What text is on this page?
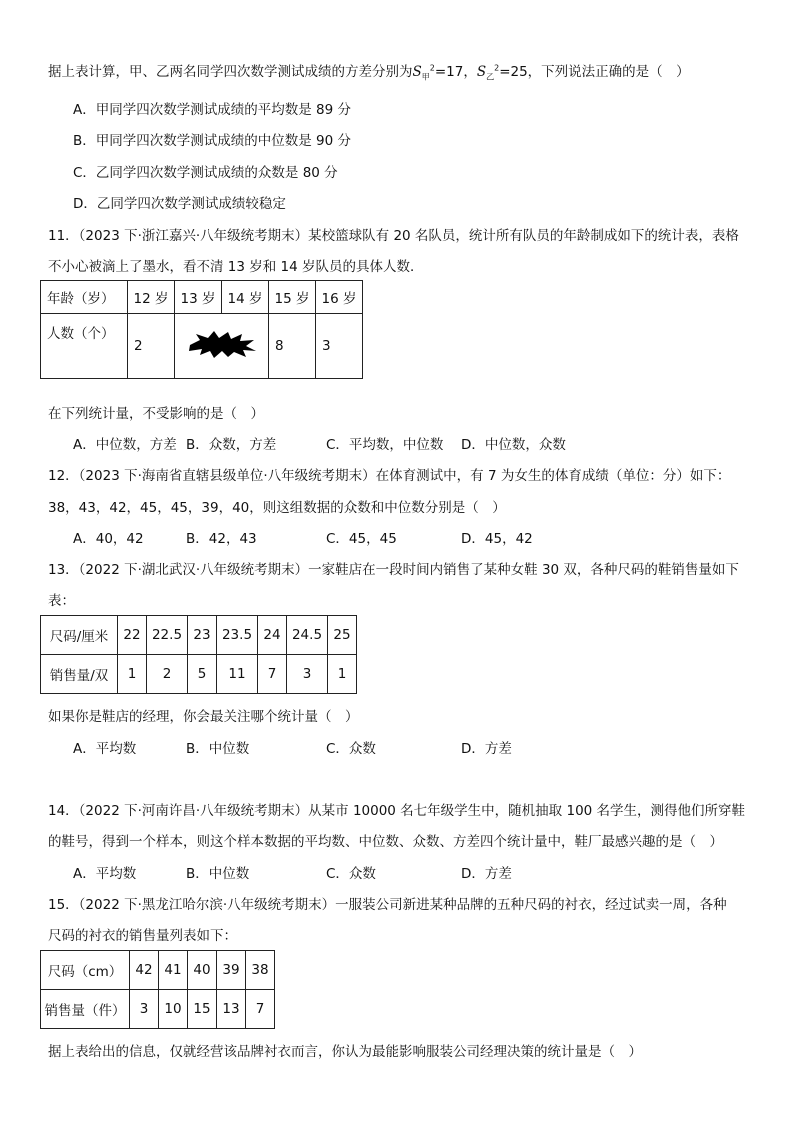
据上表计算，甲、乙两名同学四次数学测试成绩的方差分别为$S_甲^2=17$，$S_乙^2=25$，下列说法正确的是（　）
A．甲同学四次数学测试成绩的平均数是 89 分
B．甲同学四次数学测试成绩的中位数是 90 分
C．乙同学四次数学测试成绩的众数是 80 分
D．乙同学四次数学测试成绩较稳定
11．（2023 下·浙江嘉兴·八年级统考期末）某校篮球队有 20 名队员，统计所有队员的年龄制成如下的统计表，表格
不小心被滴上了墨水，看不清 13 岁和 14 岁队员的具体人数．
年龄（岁）	12 岁	13 岁	14 岁	15 岁	16 岁
人数（个）	2			8	3
在下列统计量，不受影响的是（　）
A．中位数，方差 B．众数，方差	C．平均数，中位数 D．中位数，众数
12．（2023 下·海南省直辖县级单位·八年级统考期末）在体育测试中，有 7 为女生的体育成绩（单位：分）如下：
38，43，42，45，45，39，40，则这组数据的众数和中位数分别是（　）
A．40，42	B．42，43	C．45，45	D．45，42
13．（2022 下·湖北武汉·八年级统考期末）一家鞋店在一段时间内销售了某种女鞋 30 双，各种尺码的鞋销售量如下
表：
尺码/厘米	22	22.5	23	23.5	24	24.5	25
销售量/双	1	2	5	11	7	3	1
如果你是鞋店的经理，你会最关注哪个统计量（　）
A．平均数	B．中位数	C．众数	D．方差
14．（2022 下·河南许昌·八年级统考期末）从某市 10000 名七年级学生中，随机抽取 100 名学生，测得他们所穿鞋
的鞋号，得到一个样本，则这个样本数据的平均数、中位数、众数、方差四个统计量中，鞋厂最感兴趣的是（　）
A．平均数	B．中位数	C．众数	D．方差
15．（2022 下·黑龙江哈尔滨·八年级统考期末）一服装公司新进某种品牌的五种尺码的衬衣，经过试卖一周，各种
尺码的衬衣的销售量列表如下：
尺码（cm）	42	41	40	39	38
销售量（件）	3	10	15	13	7
据上表给出的信息，仅就经营该品牌衬衣而言，你认为最能影响服装公司经理决策的统计量是（　）
